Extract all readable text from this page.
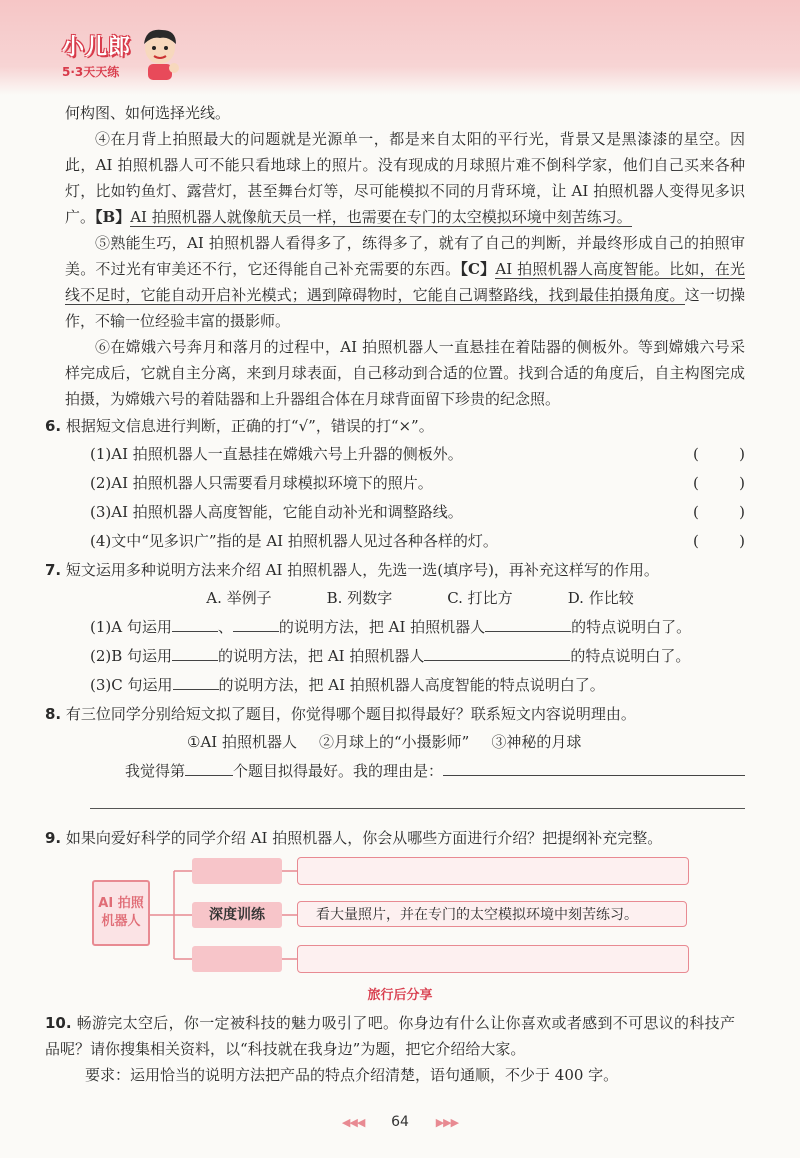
小儿郎
5·3天天练

何构图、如何选择光线。

④在月背上拍照最大的问题就是光源单一，都是来自太阳的平行光，背景又是黑漆漆的星空。因此，AI 拍照机器人可不能只看地球上的照片。没有现成的月球照片难不倒科学家，他们自己买来各种灯，比如钓鱼灯、露营灯，甚至舞台灯等，尽可能模拟不同的月背环境，让 AI 拍照机器人变得见多识广。【B】AI 拍照机器人就像航天员一样，也需要在专门的太空模拟环境中刻苦练习。

⑤熟能生巧，AI 拍照机器人看得多了，练得多了，就有了自己的判断，并最终形成自己的拍照审美。不过光有审美还不行，它还得能自己补充需要的东西。【C】AI 拍照机器人高度智能。比如，在光线不足时，它能自动开启补光模式；遇到障碍物时，它能自己调整路线，找到最佳拍摄角度。这一切操作，不输一位经验丰富的摄影师。

⑥在嫦娥六号奔月和落月的过程中，AI 拍照机器人一直悬挂在着陆器的侧板外。等到嫦娥六号采样完成后，它就自主分离，来到月球表面，自己移动到合适的位置。找到合适的角度后，自主构图完成拍摄，为嫦娥六号的着陆器和上升器组合体在月球背面留下珍贵的纪念照。

6. 根据短文信息进行判断，正确的打“√”，错误的打“×”。

(1)AI 拍照机器人一直悬挂在嫦娥六号上升器的侧板外。	(	)
(2)AI 拍照机器人只需要看月球模拟环境下的照片。	(	)
(3)AI 拍照机器人高度智能，它能自动补光和调整路线。	(	)
(4)文中“见多识广”指的是 AI 拍照机器人见过各种各样的灯。	(	)

7. 短文运用多种说明方法来介绍 AI 拍照机器人，先选一选(填序号)，再补充这样写的作用。

A. 举例子	B. 列数字	C. 打比方	D. 作比较
(1)A 句运用	、	的说明方法，把 AI 拍照机器人	的特点说明白了。
(2)B 句运用	的说明方法，把 AI 拍照机器人	的特点说明白了。
(3)C 句运用	的说明方法，把 AI 拍照机器人高度智能的特点说明白了。

8. 有三位同学分别给短文拟了题目，你觉得哪个题目拟得最好？联系短文内容说明理由。

①AI 拍照机器人 ②月球上的“小摄影师” ③神秘的月球
我觉得第	个题目拟得最好。我的理由是：

9. 如果向爱好科学的同学介绍 AI 拍照机器人，你会从哪些方面进行介绍？把提纲补充完整。

AI 拍照机器人	深度训练	看大量照片，并在专门的太空模拟环境中刻苦练习。
旅行后分享

10. 畅游完太空后，你一定被科技的魅力吸引了吧。你身边有什么让你喜欢或者感到不可思议的科技产品呢？请你搜集相关资料，以“科技就在我身边”为题，把它介绍给大家。

要求：运用恰当的说明方法把产品的特点介绍清楚，语句通顺，不少于 400 字。

◀◀◀ 64 ▶▶▶
